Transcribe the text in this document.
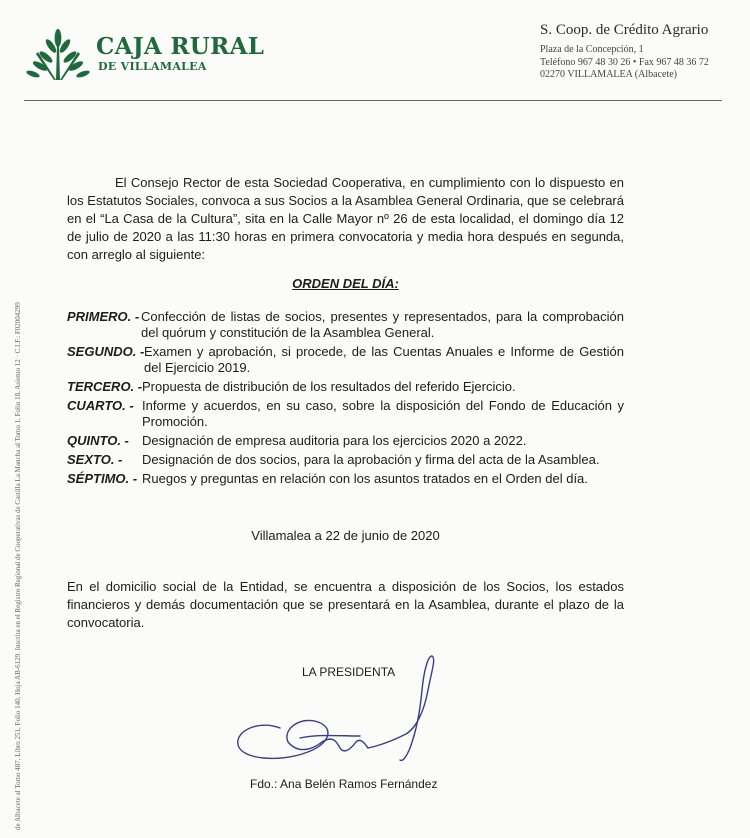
CAJA RURAL
DE VILLAMALEA
S. Coop. de Crédito Agrario
Plaza de la Concepción, 1
Teléfono 967 48 30 26 • Fax 967 48 36 72
02270 VILLAMALEA (Albacete)
de Albacete al Tomo 487, Libro 251, Folio 140, Hoja AB-6129. Inscrita en el Registro Regional de Cooperativas de Castilla La Mancha al Tomo 1, Folio 18, Asiento 12 · C.I.F.: F02004299
El Consejo Rector de esta Sociedad Cooperativa, en cumplimiento con lo dispuesto en los Estatutos Sociales, convoca a sus Socios a la Asamblea General Ordinaria, que se celebrará en el “La Casa de la Cultura”, sita en la Calle Mayor nº 26 de esta localidad, el domingo día 12 de julio de 2020 a las 11:30 horas en primera convocatoria y media hora después en segunda, con arreglo al siguiente:
ORDEN DEL DÍA:
PRIMERO. - Confección de listas de socios, presentes y representados, para la comprobación del quórum y constitución de la Asamblea General.
SEGUNDO. - Examen y aprobación, si procede, de las Cuentas Anuales e Informe de Gestión del Ejercicio 2019.
TERCERO. - Propuesta de distribución de los resultados del referido Ejercicio.
CUARTO. - Informe y acuerdos, en su caso, sobre la disposición del Fondo de Educación y Promoción.
QUINTO. -	Designación de empresa auditoria para los ejercicios 2020 a 2022.
SEXTO. -	Designación de dos socios, para la aprobación y firma del acta de la Asamblea.
SÉPTIMO. - Ruegos y preguntas en relación con los asuntos tratados en el Orden del día.
Villamalea a 22 de junio de 2020
En el domicilio social de la Entidad, se encuentra a disposición de los Socios, los estados financieros y demás documentación que se presentará en la Asamblea, durante el plazo de la convocatoria.
LA PRESIDENTA
Fdo.: Ana Belén Ramos Fernández
